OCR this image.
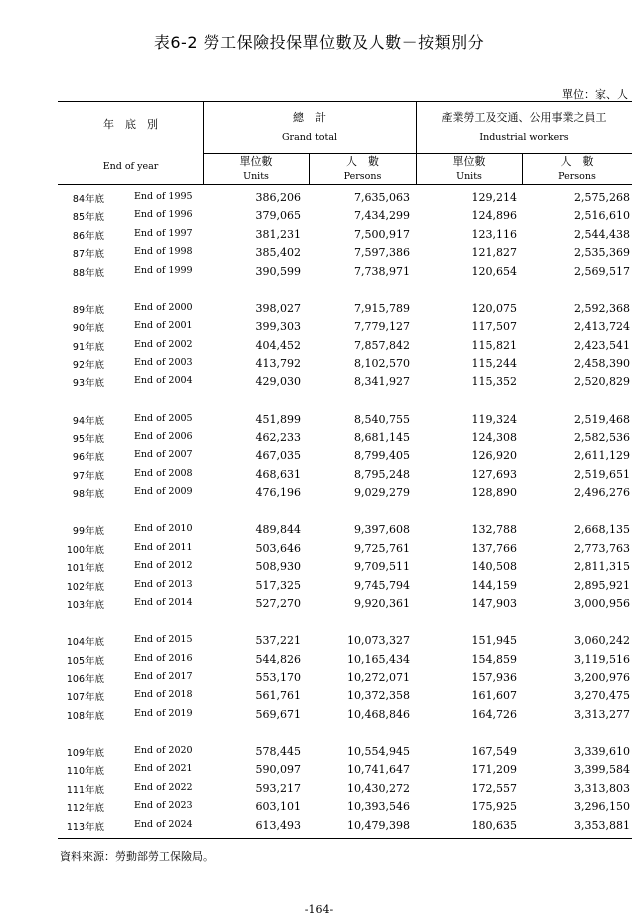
表6-2 勞工保險投保單位數及人數－按類別分
單位：家、人
年　底　別
End of year
總　計
Grand total
產業勞工及交通、公用事業之員工
Industrial workers
單位數
Units
人　數
Persons
單位數
Units
人　數
Persons
84年底	End of 1995	386,206	7,635,063	129,214	2,575,268
85年底	End of 1996	379,065	7,434,299	124,896	2,516,610
86年底	End of 1997	381,231	7,500,917	123,116	2,544,438
87年底	End of 1998	385,402	7,597,386	121,827	2,535,369
88年底	End of 1999	390,599	7,738,971	120,654	2,569,517
89年底	End of 2000	398,027	7,915,789	120,075	2,592,368
90年底	End of 2001	399,303	7,779,127	117,507	2,413,724
91年底	End of 2002	404,452	7,857,842	115,821	2,423,541
92年底	End of 2003	413,792	8,102,570	115,244	2,458,390
93年底	End of 2004	429,030	8,341,927	115,352	2,520,829
94年底	End of 2005	451,899	8,540,755	119,324	2,519,468
95年底	End of 2006	462,233	8,681,145	124,308	2,582,536
96年底	End of 2007	467,035	8,799,405	126,920	2,611,129
97年底	End of 2008	468,631	8,795,248	127,693	2,519,651
98年底	End of 2009	476,196	9,029,279	128,890	2,496,276
99年底	End of 2010	489,844	9,397,608	132,788	2,668,135
100年底	End of 2011	503,646	9,725,761	137,766	2,773,763
101年底	End of 2012	508,930	9,709,511	140,508	2,811,315
102年底	End of 2013	517,325	9,745,794	144,159	2,895,921
103年底	End of 2014	527,270	9,920,361	147,903	3,000,956
104年底	End of 2015	537,221	10,073,327	151,945	3,060,242
105年底	End of 2016	544,826	10,165,434	154,859	3,119,516
106年底	End of 2017	553,170	10,272,071	157,936	3,200,976
107年底	End of 2018	561,761	10,372,358	161,607	3,270,475
108年底	End of 2019	569,671	10,468,846	164,726	3,313,277
109年底	End of 2020	578,445	10,554,945	167,549	3,339,610
110年底	End of 2021	590,097	10,741,647	171,209	3,399,584
111年底	End of 2022	593,217	10,430,272	172,557	3,313,803
112年底	End of 2023	603,101	10,393,546	175,925	3,296,150
113年底	End of 2024	613,493	10,479,398	180,635	3,353,881
資料來源：勞動部勞工保險局。
-164-
